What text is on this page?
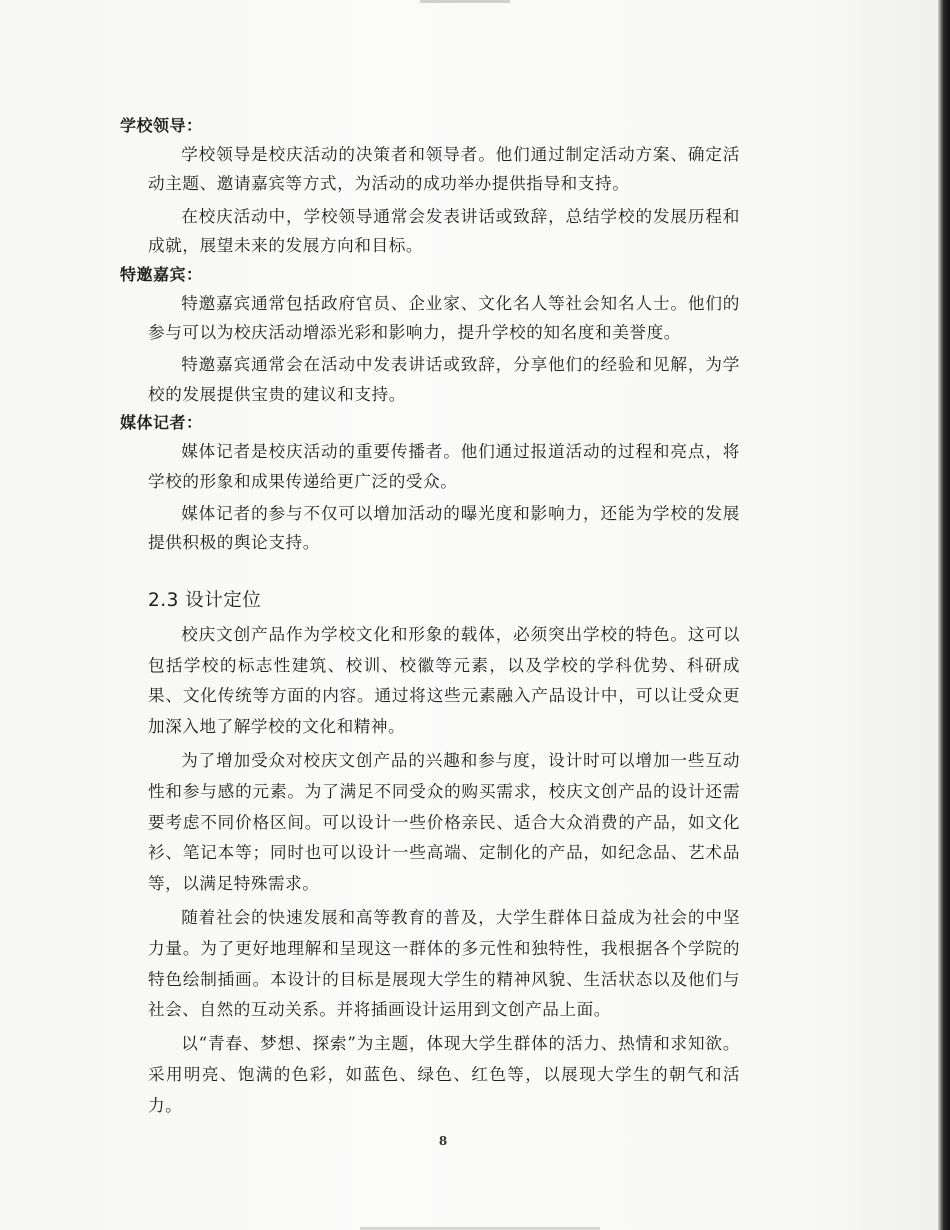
学校领导：

学校领导是校庆活动的决策者和领导者。他们通过制定活动方案、确定活动主题、邀请嘉宾等方式，为活动的成功举办提供指导和支持。

在校庆活动中，学校领导通常会发表讲话或致辞，总结学校的发展历程和成就，展望未来的发展方向和目标。

特邀嘉宾：

特邀嘉宾通常包括政府官员、企业家、文化名人等社会知名人士。他们的参与可以为校庆活动增添光彩和影响力，提升学校的知名度和美誉度。

特邀嘉宾通常会在活动中发表讲话或致辞，分享他们的经验和见解，为学校的发展提供宝贵的建议和支持。

媒体记者：

媒体记者是校庆活动的重要传播者。他们通过报道活动的过程和亮点，将学校的形象和成果传递给更广泛的受众。

媒体记者的参与不仅可以增加活动的曝光度和影响力，还能为学校的发展提供积极的舆论支持。

2.3 设计定位

校庆文创产品作为学校文化和形象的载体，必须突出学校的特色。这可以包括学校的标志性建筑、校训、校徽等元素，以及学校的学科优势、科研成果、文化传统等方面的内容。通过将这些元素融入产品设计中，可以让受众更加深入地了解学校的文化和精神。

为了增加受众对校庆文创产品的兴趣和参与度，设计时可以增加一些互动性和参与感的元素。为了满足不同受众的购买需求，校庆文创产品的设计还需要考虑不同价格区间。可以设计一些价格亲民、适合大众消费的产品，如文化衫、笔记本等；同时也可以设计一些高端、定制化的产品，如纪念品、艺术品等，以满足特殊需求。

随着社会的快速发展和高等教育的普及，大学生群体日益成为社会的中坚力量。为了更好地理解和呈现这一群体的多元性和独特性，我根据各个学院的特色绘制插画。本设计的目标是展现大学生的精神风貌、生活状态以及他们与社会、自然的互动关系。并将插画设计运用到文创产品上面。

以“青春、梦想、探索”为主题，体现大学生群体的活力、热情和求知欲。采用明亮、饱满的色彩，如蓝色、绿色、红色等，以展现大学生的朝气和活力。

8
